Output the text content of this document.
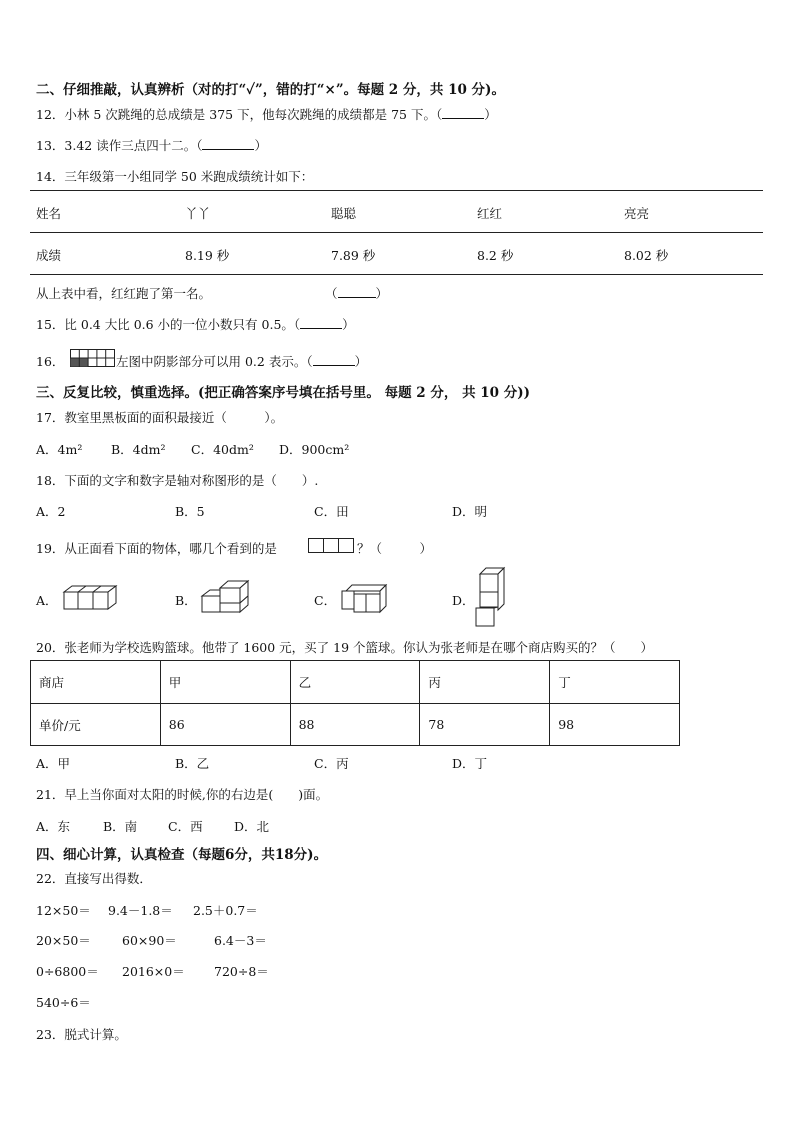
二、仔细推敲，认真辨析（对的打“✓”，错的打“×”。每题 2 分，共 10 分)。
12．小林 5 次跳绳的总成绩是 375 下，他每次跳绳的成绩都是 75 下。（	）
13．3.42 读作三点四十二。（	）
14．三年级第一小组同学 50 米跑成绩统计如下：
姓名	丫丫	聪聪	红红	亮亮
成绩	8.19 秒	7.89 秒	8.2 秒	8.02 秒
从上表中看，红红跑了第一名。	（	）
15．比 0.4 大比 0.6 小的一位小数只有 0.5。（	）
16．	左图中阴影部分可以用 0.2 表示。（	）
三、反复比较，慎重选择。(把正确答案序号填在括号里。 每题 2 分， 共 10 分))
17．教室里黑板面的面积最接近（　　　）。
A．4m² B．4dm² C．40dm² D．900cm²
18．下面的文字和数字是轴对称图形的是（　　）.
A．2	B．5	C．田	D．明
19．从正面看下面的物体，哪几个看到的是	？（　　　）
A．	B．	C．	D．
20．张老师为学校选购篮球。他带了 1600 元，买了 19 个篮球。你认为张老师是在哪个商店购买的？（　　）
商店	甲	乙	丙	丁
单价/元	86	88	78	98
A．甲	B．乙	C．丙	D．丁
21．早上当你面对太阳的时候,你的右边是(　　)面。
A．东	B．南 C．西	D．北
四、细心计算，认真检查（每题6分，共18分)。
22．直接写出得数．
12×50＝ 9.4－1.8＝ 2.5＋0.7＝
20×50＝ 60×90＝	6.4－3＝
0÷6800＝ 2016×0＝ 720÷8＝
540÷6＝
23．脱式计算。
